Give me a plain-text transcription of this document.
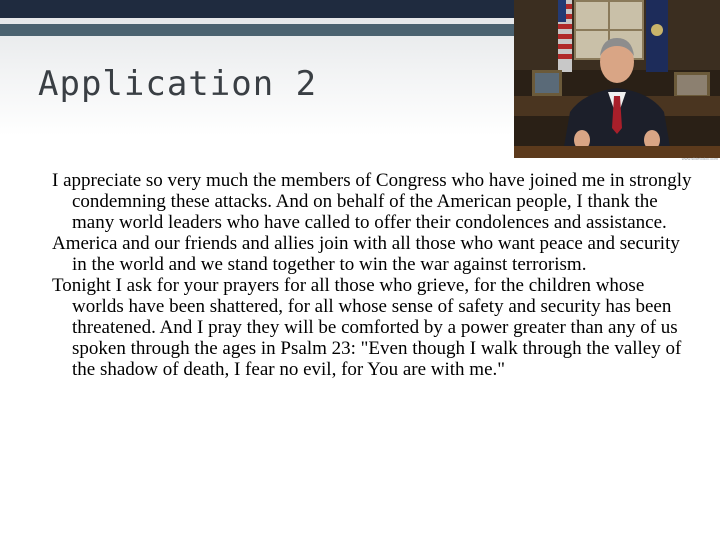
Application 2
www.slidetodoc.com

I appreciate so very much the members of Congress who have joined me in strongly condemning these attacks. And on behalf of the American people, I thank the many world leaders who have called to offer their condolences and assistance.

America and our friends and allies join with all those who want peace and security in the world and we stand together to win the war against terrorism.

Tonight I ask for your prayers for all those who grieve, for the children whose worlds have been shattered, for all whose sense of safety and security has been threatened. And I pray they will be comforted by a power greater than any of us spoken through the ages in Psalm 23: "Even though I walk through the valley of the shadow of death, I fear no evil, for You are with me."
